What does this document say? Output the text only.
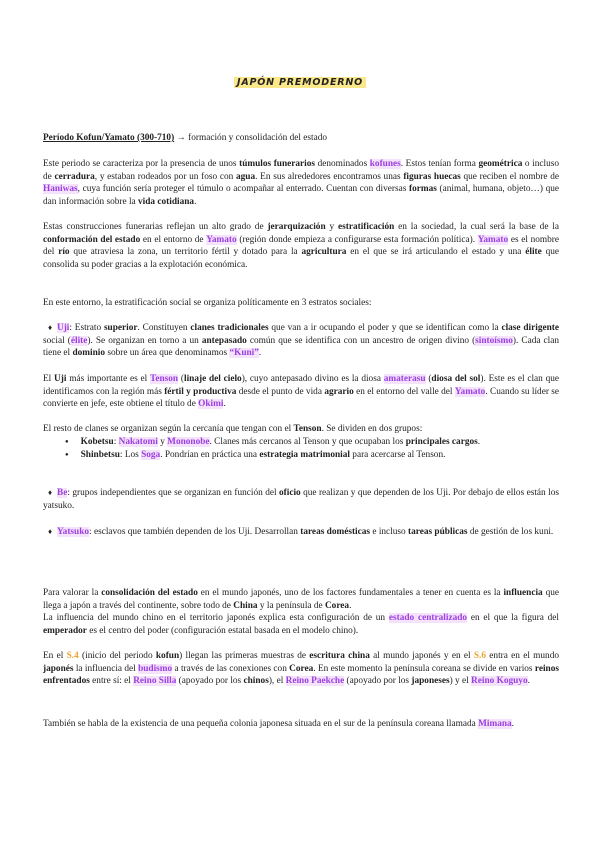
JAPÓN PREMODERNO
Período Kofun/Yamato (300-710) → formación y consolidación del estado
Este periodo se caracteriza por la presencia de unos túmulos funerarios denominados kofunes. Estos tenían forma geométrica o incluso de cerradura, y estaban rodeados por un foso con agua. En sus alrededores encontramos unas figuras huecas que reciben el nombre de Haniwas, cuya función sería proteger el túmulo o acompañar al enterrado. Cuentan con diversas formas (animal, humana, objeto…) que dan información sobre la vida cotidiana.
Estas construcciones funerarias reflejan un alto grado de jerarquización y estratificación en la sociedad, la cual será la base de la conformación del estado en el entorno de Yamato (región donde empieza a configurarse esta formación política). Yamato es el nombre del río que atraviesa la zona, un territorio fértil y dotado para la agricultura en el que se irá articulando el estado y una élite que consolida su poder gracias a la explotación económica.
En este entorno, la estratificación social se organiza políticamente en 3 estratos sociales:
♦ Uji: Estrato superior. Constituyen clanes tradicionales que van a ir ocupando el poder y que se identifican como la clase dirigente social (élite). Se organizan en torno a un antepasado común que se identifica con un ancestro de origen divino (sintoísmo). Cada clan tiene el dominio sobre un área que denominamos “Kuni”.
El Uji más importante es el Tenson (linaje del cielo), cuyo antepasado divino es la diosa amaterasu (diosa del sol). Este es el clan que identificamos con la región más fértil y productiva desde el punto de vida agrario en el entorno del valle del Yamato. Cuando su líder se convierte en jefe, este obtiene el título de Okimi.
El resto de clanes se organizan según la cercanía que tengan con el Tenson. Se dividen en dos grupos:
● Kobetsu: Nakatomi y Mononobe. Clanes más cercanos al Tenson y que ocupaban los principales cargos.
● Shinbetsu: Los Soga. Pondrían en práctica una estrategia matrimonial para acercarse al Tenson.
♦ Be: grupos independientes que se organizan en función del oficio que realizan y que dependen de los Uji. Por debajo de ellos están los yatsuko.
♦ Yatsuko: esclavos que también dependen de los Uji. Desarrollan tareas domésticas e incluso tareas públicas de gestión de los kuni.
Para valorar la consolidación del estado en el mundo japonés, uno de los factores fundamentales a tener en cuenta es la influencia que llega a japón a través del continente, sobre todo de China y la península de Corea.
La influencia del mundo chino en el territorio japonés explica esta configuración de un estado centralizado en el que la figura del emperador es el centro del poder (configuración estatal basada en el modelo chino).
En el S.4 (inicio del periodo kofun) llegan las primeras muestras de escritura china al mundo japonés y en el S.6 entra en el mundo japonés la influencia del budismo a través de las conexiones con Corea. En este momento la península coreana se divide en varios reinos enfrentados entre sí: el Reino Silla (apoyado por los chinos), el Reino Paekche (apoyado por los japoneses) y el Reino Koguyo.
También se habla de la existencia de una pequeña colonia japonesa situada en el sur de la península coreana llamada Mimana.
